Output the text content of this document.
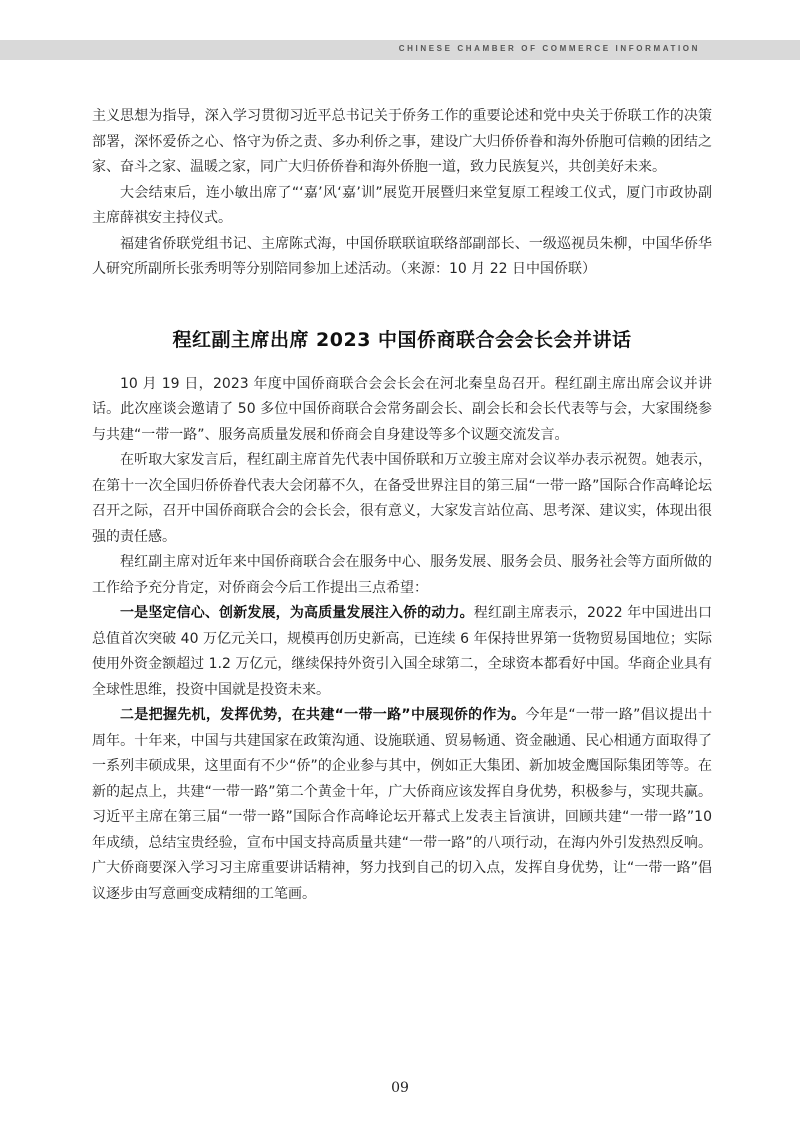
CHINESE CHAMBER OF COMMERCE INFORMATION

主义思想为指导，深入学习贯彻习近平总书记关于侨务工作的重要论述和党中央关于侨联工作的决策部署，深怀爱侨之心、恪守为侨之责、多办利侨之事，建设广大归侨侨眷和海外侨胞可信赖的团结之家、奋斗之家、温暖之家，同广大归侨侨眷和海外侨胞一道，致力民族复兴，共创美好未来。

大会结束后，连小敏出席了“‘嘉’风‘嘉’训”展览开展暨归来堂复原工程竣工仪式，厦门市政协副主席薛祺安主持仪式。

福建省侨联党组书记、主席陈式海，中国侨联联谊联络部副部长、一级巡视员朱柳，中国华侨华人研究所副所长张秀明等分别陪同参加上述活动。（来源：10 月 22 日中国侨联）

程红副主席出席 2023 中国侨商联合会会长会并讲话

10 月 19 日，2023 年度中国侨商联合会会长会在河北秦皇岛召开。程红副主席出席会议并讲话。此次座谈会邀请了 50 多位中国侨商联合会常务副会长、副会长和会长代表等与会，大家围绕参与共建“一带一路”、服务高质量发展和侨商会自身建设等多个议题交流发言。

在听取大家发言后，程红副主席首先代表中国侨联和万立骏主席对会议举办表示祝贺。她表示，在第十一次全国归侨侨眷代表大会闭幕不久，在备受世界注目的第三届“一带一路”国际合作高峰论坛召开之际，召开中国侨商联合会的会长会，很有意义，大家发言站位高、思考深、建议实，体现出很强的责任感。

程红副主席对近年来中国侨商联合会在服务中心、服务发展、服务会员、服务社会等方面所做的工作给予充分肯定，对侨商会今后工作提出三点希望：

一是坚定信心、创新发展，为高质量发展注入侨的动力。程红副主席表示，2022 年中国进出口总值首次突破 40 万亿元关口，规模再创历史新高，已连续 6 年保持世界第一货物贸易国地位；实际使用外资金额超过 1.2 万亿元，继续保持外资引入国全球第二，全球资本都看好中国。华商企业具有全球性思维，投资中国就是投资未来。

二是把握先机，发挥优势，在共建“一带一路”中展现侨的作为。今年是“一带一路”倡议提出十周年。十年来，中国与共建国家在政策沟通、设施联通、贸易畅通、资金融通、民心相通方面取得了一系列丰硕成果，这里面有不少“侨”的企业参与其中，例如正大集团、新加坡金鹰国际集团等等。在新的起点上，共建“一带一路”第二个黄金十年，广大侨商应该发挥自身优势，积极参与，实现共赢。习近平主席在第三届“一带一路”国际合作高峰论坛开幕式上发表主旨演讲，回顾共建“一带一路”10 年成绩，总结宝贵经验，宣布中国支持高质量共建“一带一路”的八项行动，在海内外引发热烈反响。广大侨商要深入学习习主席重要讲话精神，努力找到自己的切入点，发挥自身优势，让“一带一路”倡议逐步由写意画变成精细的工笔画。

09
